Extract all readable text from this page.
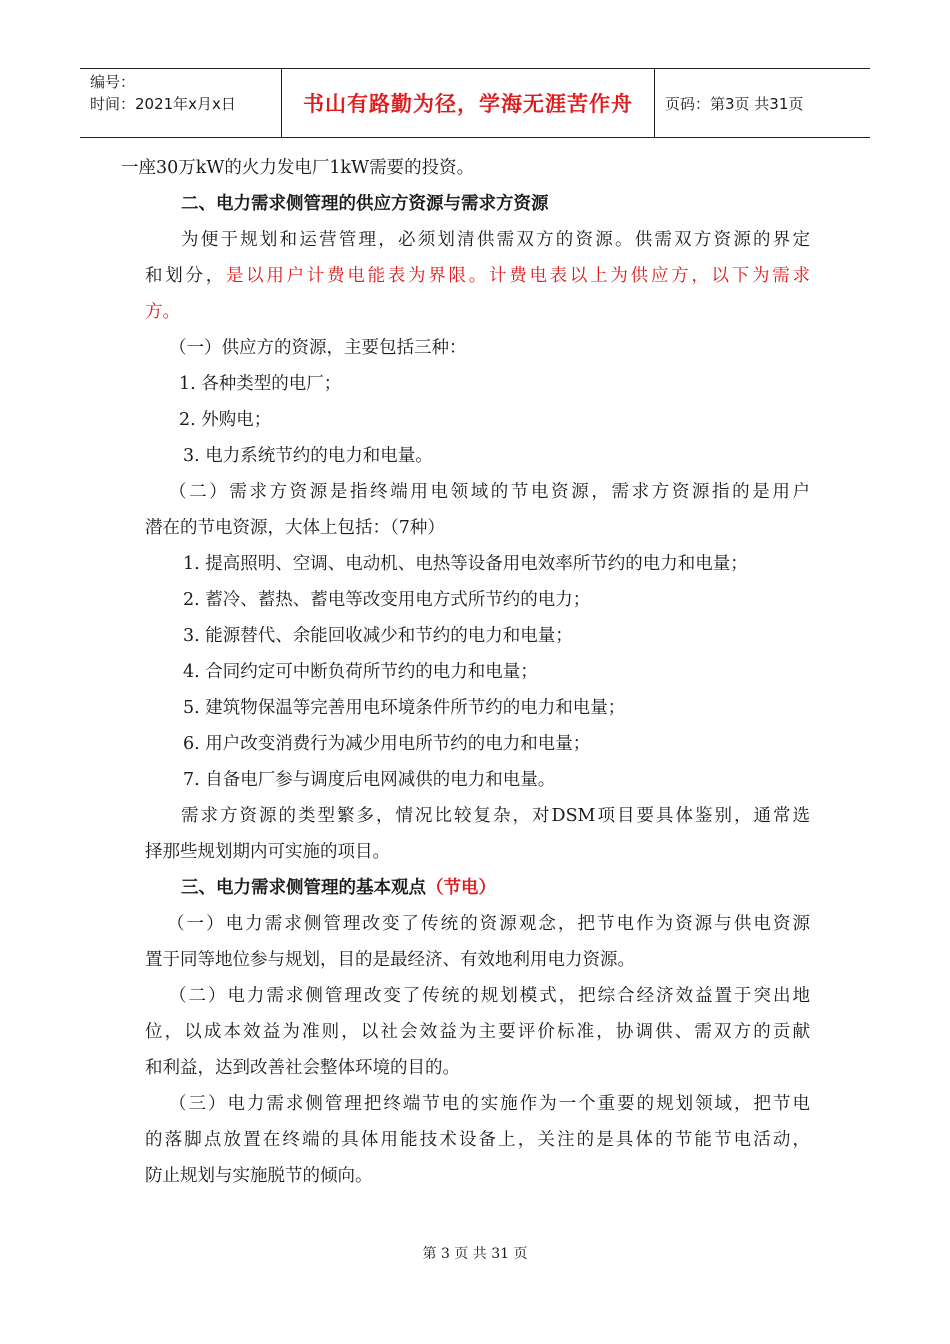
编号：
时间：2021年x月x日	书山有路勤为径，学海无涯苦作舟	页码：第3页 共31页
一座30万kW的火力发电厂1kW需要的投资。
二、电力需求侧管理的供应方资源与需求方资源
为便于规划和运营管理，必须划清供需双方的资源。供需双方资源的界定
和划分，是以用户计费电能表为界限。计费电表以上为供应方，以下为需求
方。
（一）供应方的资源，主要包括三种：
1. 各种类型的电厂；
2. 外购电；
3. 电力系统节约的电力和电量。
（二）需求方资源是指终端用电领域的节电资源，需求方资源指的是用户
潜在的节电资源，大体上包括：（7种）
1. 提高照明、空调、电动机、电热等设备用电效率所节约的电力和电量；
2. 蓄冷、蓄热、蓄电等改变用电方式所节约的电力；
3. 能源替代、余能回收减少和节约的电力和电量；
4. 合同约定可中断负荷所节约的电力和电量；
5. 建筑物保温等完善用电环境条件所节约的电力和电量；
6. 用户改变消费行为减少用电所节约的电力和电量；
7. 自备电厂参与调度后电网减供的电力和电量。
需求方资源的类型繁多，情况比较复杂，对DSM项目要具体鉴别，通常选
择那些规划期内可实施的项目。
三、电力需求侧管理的基本观点（节电）
（一）电力需求侧管理改变了传统的资源观念，把节电作为资源与供电资源
置于同等地位参与规划，目的是最经济、有效地利用电力资源。
（二）电力需求侧管理改变了传统的规划模式，把综合经济效益置于突出地
位，以成本效益为准则，以社会效益为主要评价标准，协调供、需双方的贡献
和利益，达到改善社会整体环境的目的。
（三）电力需求侧管理把终端节电的实施作为一个重要的规划领域，把节电
的落脚点放置在终端的具体用能技术设备上，关注的是具体的节能节电活动，
防止规划与实施脱节的倾向。
第 3 页 共 31 页
